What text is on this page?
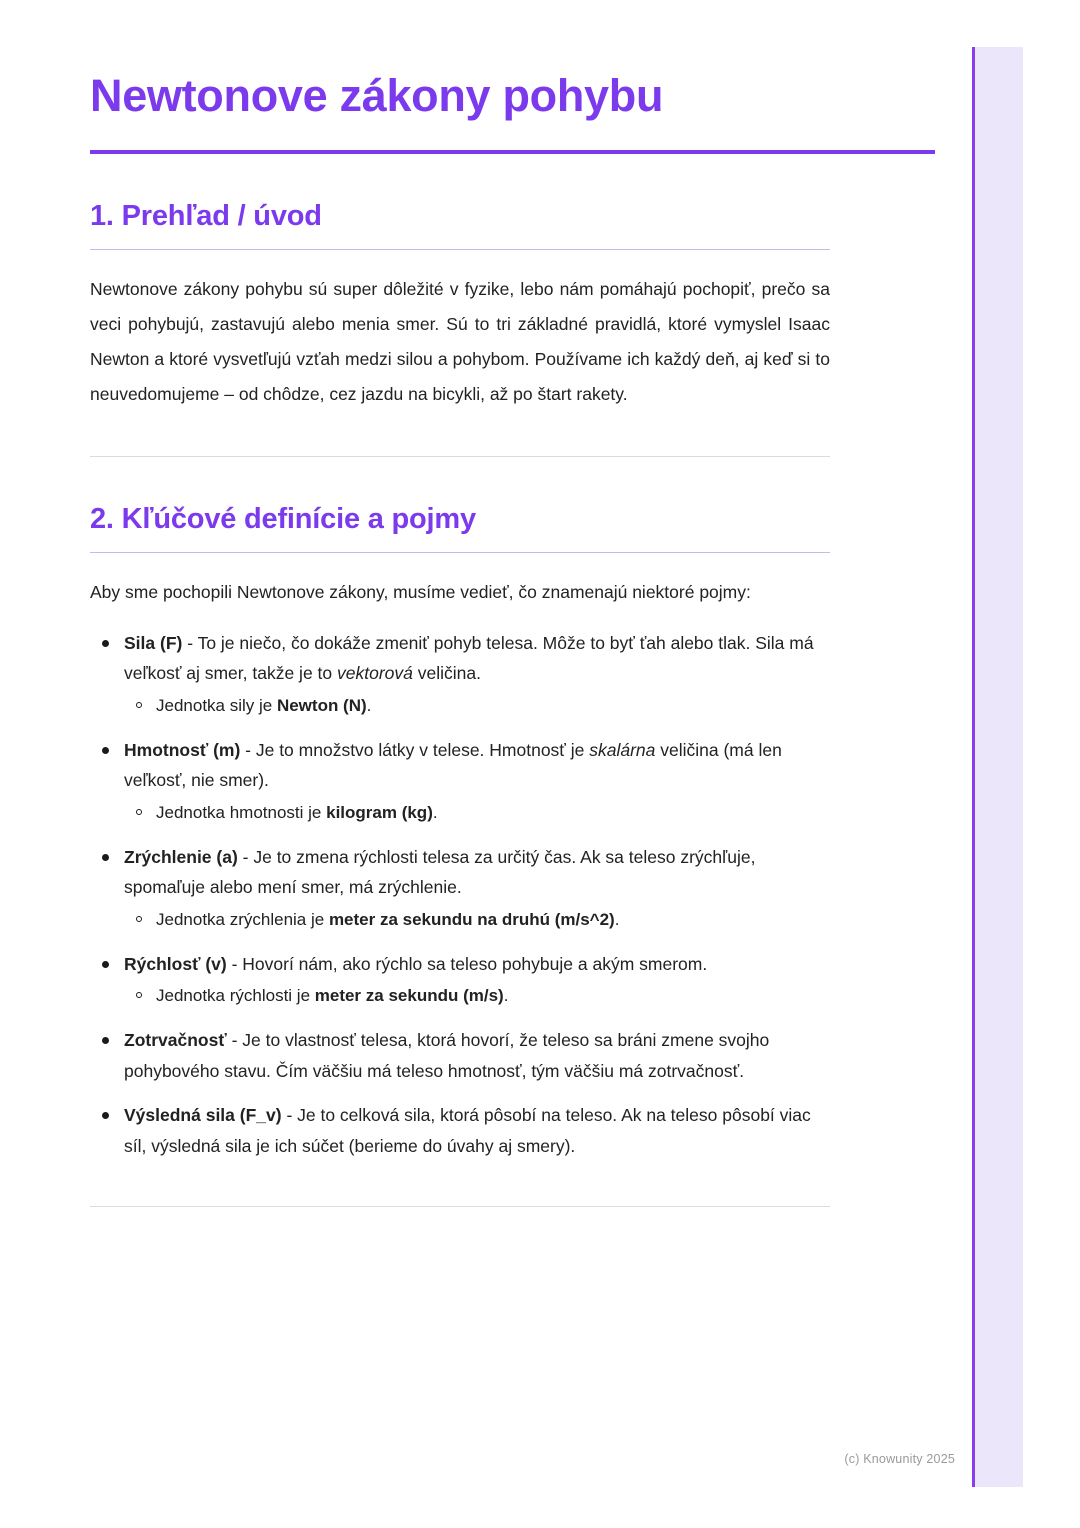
Newtonove zákony pohybu
1. Prehľad / úvod

Newtonove zákony pohybu sú super dôležité v fyzike, lebo nám pomáhajú pochopiť, prečo sa veci pohybujú, zastavujú alebo menia smer. Sú to tri základné pravidlá, ktoré vymyslel Isaac Newton a ktoré vysvetľujú vzťah medzi silou a pohybom. Používame ich každý deň, aj keď si to neuvedomujeme – od chôdze, cez jazdu na bicykli, až po štart rakety.

2. Kľúčové definície a pojmy

Aby sme pochopili Newtonove zákony, musíme vedieť, čo znamenajú niektoré pojmy:

Sila (F) - To je niečo, čo dokáže zmeniť pohyb telesa. Môže to byť ťah alebo tlak. Sila má veľkosť aj smer, takže je to vektorová veličina.
Jednotka sily je Newton (N).
Hmotnosť (m) - Je to množstvo látky v telese. Hmotnosť je skalárna veličina (má len veľkosť, nie smer).
Jednotka hmotnosti je kilogram (kg).
Zrýchlenie (a) - Je to zmena rýchlosti telesa za určitý čas. Ak sa teleso zrýchľuje, spomaľuje alebo mení smer, má zrýchlenie.
Jednotka zrýchlenia je meter za sekundu na druhú (m/s^2).
Rýchlosť (v) - Hovorí nám, ako rýchlo sa teleso pohybuje a akým smerom.
Jednotka rýchlosti je meter za sekundu (m/s).
Zotrvačnosť - Je to vlastnosť telesa, ktorá hovorí, že teleso sa bráni zmene svojho pohybového stavu. Čím väčšiu má teleso hmotnosť, tým väčšiu má zotrvačnosť.
Výsledná sila (F_v) - Je to celková sila, ktorá pôsobí na teleso. Ak na teleso pôsobí viac síl, výsledná sila je ich súčet (berieme do úvahy aj smery).
(c) Knowunity 2025
